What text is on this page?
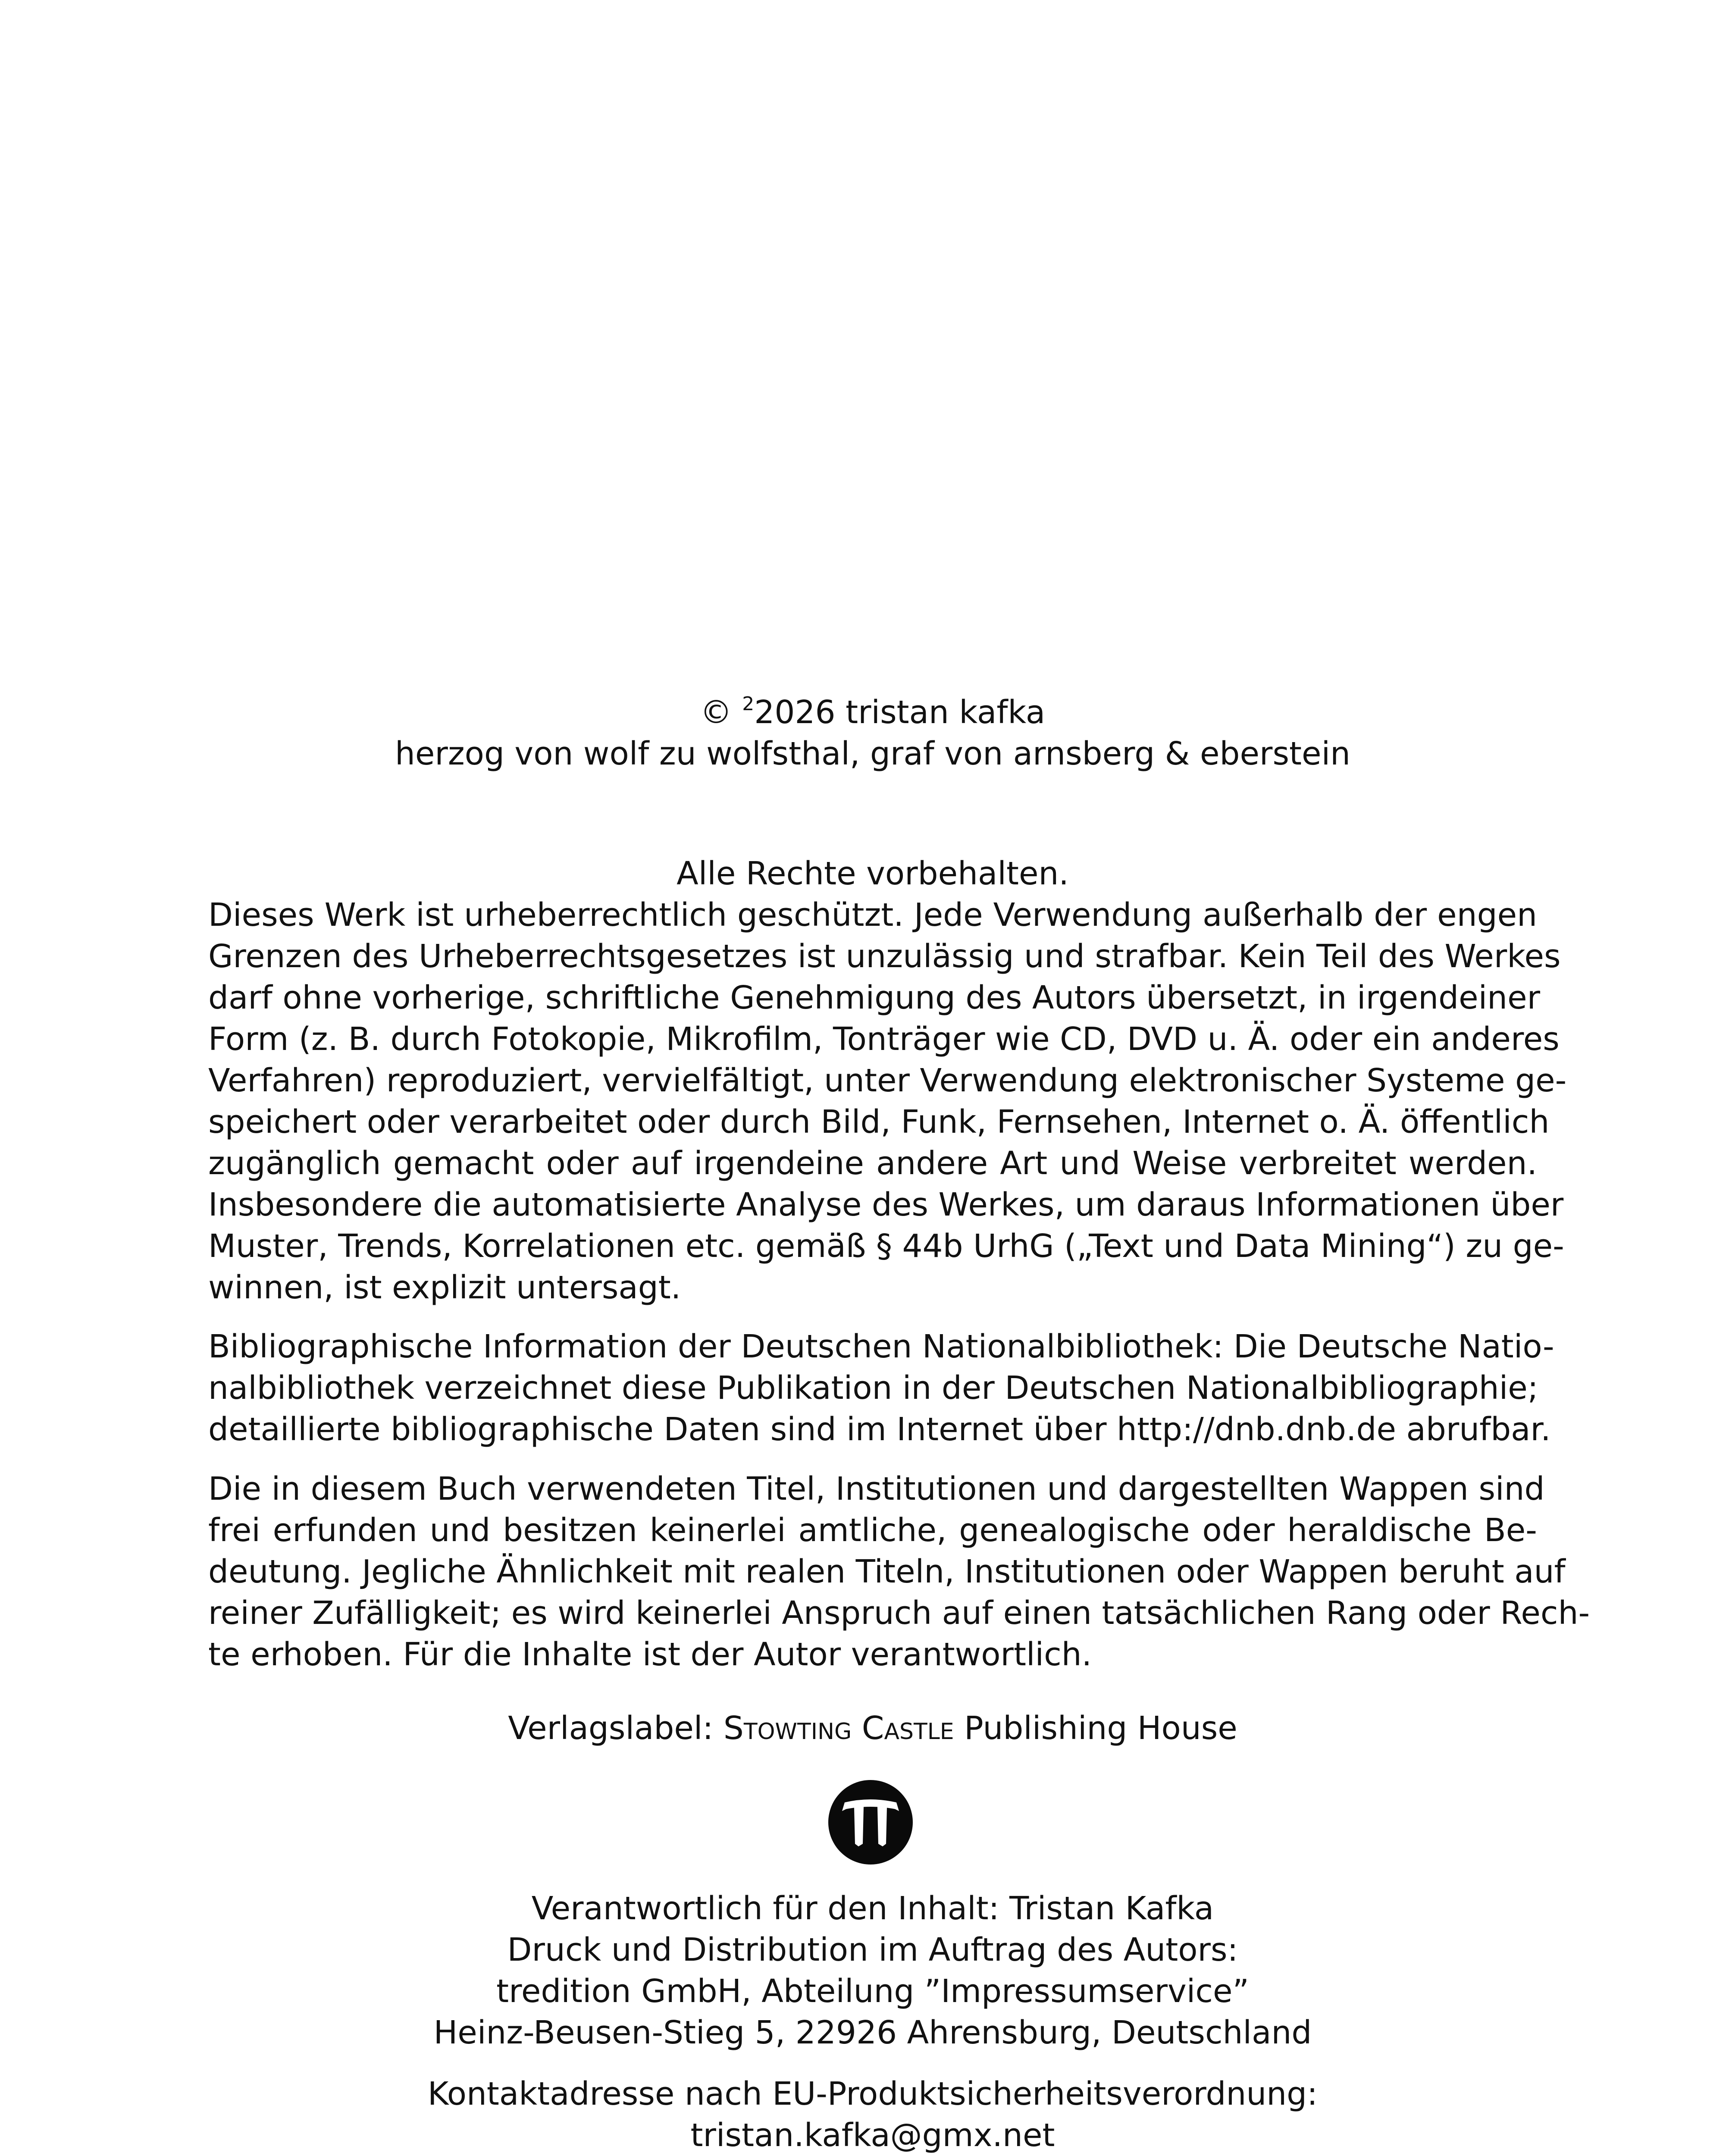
© $^2$2026 tristan kafka
herzog von wolf zu wolfsthal, graf von arnsberg & eberstein
Alle Rechte vorbehalten.
Dieses Werk ist urheberrechtlich geschützt. Jede Verwendung außerhalb der engen
Grenzen des Urheberrechtsgesetzes ist unzulässig und strafbar. Kein Teil des Werkes
darf ohne vorherige, schriftliche Genehmigung des Autors übersetzt, in irgendeiner
Form (z. B. durch Fotokopie, Mikrofilm, Tonträger wie CD, DVD u. Ä. oder ein anderes
Verfahren) reproduziert, vervielfältigt, unter Verwendung elektronischer Systeme ge-
speichert oder verarbeitet oder durch Bild, Funk, Fernsehen, Internet o. Ä. öffentlich
zugänglich gemacht oder auf irgendeine andere Art und Weise verbreitet werden.
Insbesondere die automatisierte Analyse des Werkes, um daraus Informationen über
Muster, Trends, Korrelationen etc. gemäß § 44b UrhG („Text und Data Mining“) zu ge-
winnen, ist explizit untersagt.
Bibliographische Information der Deutschen Nationalbibliothek: Die Deutsche Natio-
nalbibliothek verzeichnet diese Publikation in der Deutschen Nationalbibliographie;
detaillierte bibliographische Daten sind im Internet über http://dnb.dnb.de abrufbar.
Die in diesem Buch verwendeten Titel, Institutionen und dargestellten Wappen sind
frei erfunden und besitzen keinerlei amtliche, genealogische oder heraldische Be-
deutung. Jegliche Ähnlichkeit mit realen Titeln, Institutionen oder Wappen beruht auf
reiner Zufälligkeit; es wird keinerlei Anspruch auf einen tatsächlichen Rang oder Rech-
te erhoben. Für die Inhalte ist der Autor verantwortlich.
Verlagslabel: Stowting Castle Publishing House
Verantwortlich für den Inhalt: Tristan Kafka
Druck und Distribution im Auftrag des Autors:
tredition GmbH, Abteilung ”Impressumservice”
Heinz-Beusen-Stieg 5, 22926 Ahrensburg, Deutschland
Kontaktadresse nach EU-Produktsicherheitsverordnung:
tristan.kafka@gmx.net
